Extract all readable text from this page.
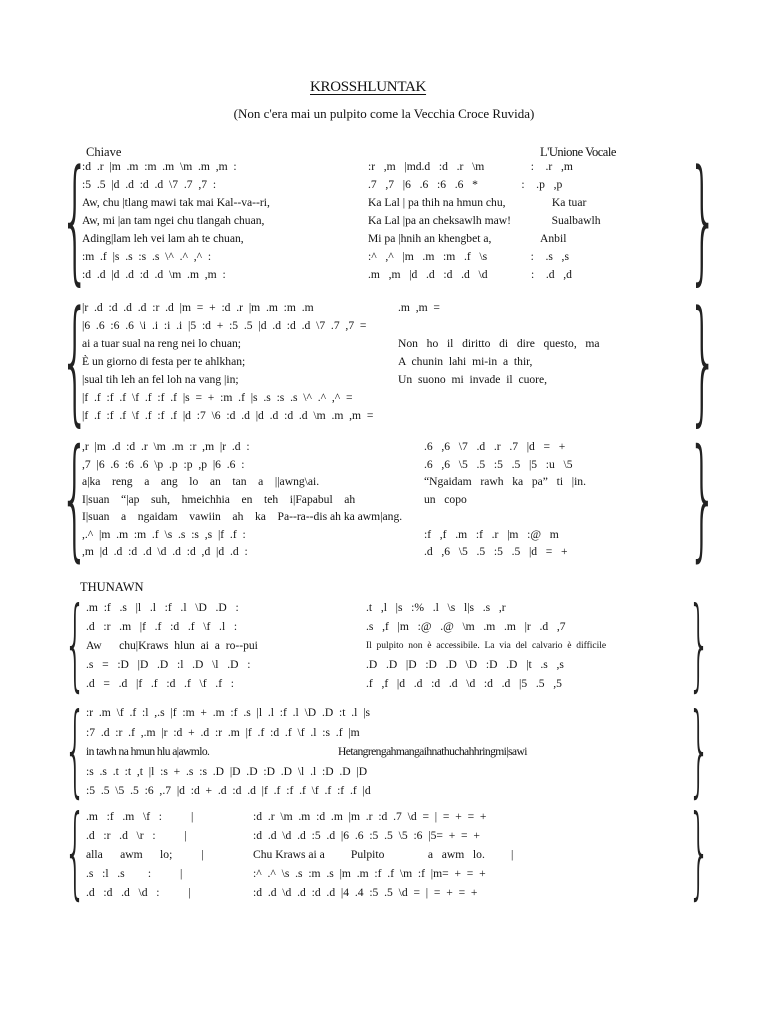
KROSSHLUNTAK
(Non c'era mai un pulpito come la Vecchia Croce Ruvida)
Chiave	L'Unione Vocale
THUNAWN
{	}
:d  .r  |m  .m  :m  .m  \m  .m  ,m  :	:r   ,m   |md.d   :d   .r   \m                :    .r   ,m
:5  .5  |d  .d  :d  .d  \7  .7  ,7  :	.7   ,7   |6   .6   :6   .6   *               :    .p   ,p
Aw, chu |tlang mawi tak mai Kal--va--ri,	Ka Lal | pa thih na hmun chu,                Ka tuar
Aw, mi |an tam ngei chu tlangah chuan,	Ka Lal |pa an cheksawlh maw!              Sualbawlh
Ading|lam leh vei lam ah te chuan,	Mi pa |hnih an khengbet a,                 Anbil
:m  .f  |s  .s  :s  .s  \^  .^  ,^  :	:^   ,^   |m   .m   :m   .f   \s               :    .s   ,s
:d  .d  |d  .d  :d  .d  \m  .m  ,m  :	.m   ,m   |d   .d   :d   .d   \d               :    .d   ,d
{	}
|r  .d  :d  .d  .d  :r  .d  |m  =  +  :d  .r  |m  .m  :m  .m	.m  ,m  =
|6  .6  :6  .6  \i  .i  :i  .i  |5  :d  +  :5  .5  |d  .d  :d  .d  \7  .7  ,7  =
ai a tuar sual na reng nei lo chuan;	Non   ho   il   diritto   di   dire   questo,   ma
È un giorno di festa per te ahlkhan;	A  chunin  lahi  mi-in  a  thir,
|sual tih leh an fel loh na vang |in;	Un  suono  mi  invade  il  cuore,
|f  .f  :f  .f  \f  .f  :f  .f  |s  =  +  :m  .f  |s  .s  :s  .s  \^  .^  ,^  =
|f  .f  :f  .f  \f  .f  :f  .f  |d  :7  \6  :d  .d  |d  .d  :d  .d  \m  .m  ,m  =
{	}
,r  |m  .d  :d  .r  \m  .m  :r  ,m  |r  .d  :	.6   ,6   \7   .d   .r   .7   |d   =   +
,7  |6  .6  :6  .6  \p  .p  :p  ,p  |6  .6  :	.6   ,6   \5   .5   :5   .5   |5   :u   \5
a|ka    reng    a    ang    lo    an    tan    a    ||awng\ai.	“Ngaidam   rawh   ka   pa”   ti   |in.
I|suan    “|ap    suh,    hmeichhia    en    teh    i|Fapabul    ah	un   copo
I|suan    a    ngaidam    vawiin    ah    ka    Pa--ra--dis ah ka awm|ang.
,.^  |m  .m  :m  .f  \s  .s  :s  ,s  |f  .f  :	:f   ,f   .m   :f   .r   |m   :@   m
,m  |d  .d  :d  .d  \d  .d  :d  ,d  |d  .d  :	.d   ,6   \5   .5   :5   .5   |d   =   +
{	}
.m  :f   .s   |l   .l   :f   .l   \D   .D   :	.t   ,l   |s   :%   .l   \s   l|s   .s   ,r
.d   :r   .m   |f   .f   :d   .f   \f   .l   :	.s   ,f   |m   :@   .@   \m   .m   .m   |r   .d   ,7
Aw      chu|Kraws  hlun  ai  a  ro--pui	Il  pulpito  non  è  accessibile.  La  via  del  calvario  è  difficile
.s   =   :D   |D   .D   :l   .D   \l   .D   :	.D   .D   |D   :D   .D   \D   :D   .D   |t   .s   ,s
.d   =   .d   |f   .f   :d   .f   \f   .f   :	.f   ,f   |d   .d   :d   .d   \d   :d   .d   |5   .5   ,5
{	}
:r  .m  \f  .f  :l  ,.s  |f  :m  +  .m  :f  .s  |l  .l  :f  .l  \D  .D  :t  .l  |s
:7  .d  :r  .f  ,.m  |r  :d  +  .d  :r  .m  |f  .f  :d  .f  \f  .l  :s  .f  |m
in tawh na hmun hlu a|awmlo.	Hetangrengahmangaihnathuchahhringmi|sawi
:s  .s  .t  :t  ,t  |l  :s  +  .s  :s  .D  |D  .D  :D  .D  \l  .l  :D  .D  |D
:5  .5  \5  .5  :6  ,.7  |d  :d  +  .d  :d  .d  |f  .f  :f  .f  \f  .f  :f  .f  |d
{	}
.m   :f   .m   \f   :          |	:d  .r  \m  .m  :d  .m  |m  .r  :d  .7  \d  =  |  =  +  =  +
.d   :r   .d   \r   :          |	:d  .d  \d  .d  :5  .d  |6  .6  :5  .5  \5  :6  |5=  +  =  +
alla      awm      lo;          |	Chu Kraws ai a         Pulpito               a   awm   lo.         |
.s   :l   .s        :          |	:^  .^  \s  .s  :m  .s  |m  .m  :f  .f  \m  :f  |m=  +  =  +
.d   :d   .d   \d   :          |	:d  .d  \d  .d  :d  .d  |4  .4  :5  .5  \d  =  |  =  +  =  +
